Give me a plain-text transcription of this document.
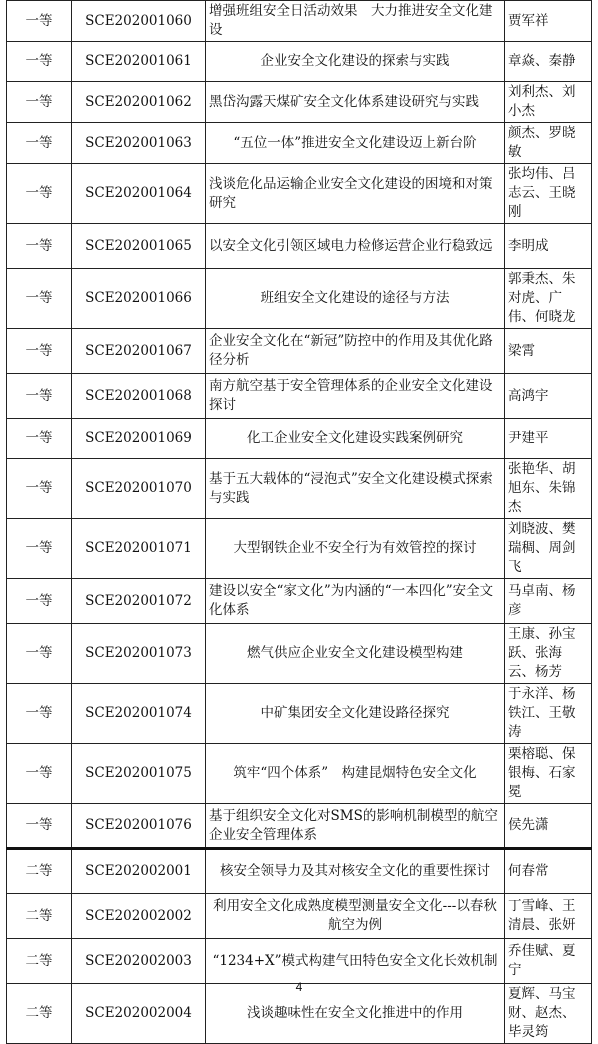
一等	SCE202001060	增强班组安全日活动效果　大力推进安全文化建设	贾军祥
一等	SCE202001061	企业安全文化建设的探索与实践	章焱、秦静
一等	SCE202001062	黑岱沟露天煤矿安全文化体系建设研究与实践	刘利杰、刘小杰
一等	SCE202001063	“五位一体”推进安全文化建设迈上新台阶	颜杰、罗晓敏
一等	SCE202001064	浅谈危化品运输企业安全文化建设的困境和对策研究	张均伟、吕志云、王晓刚
一等	SCE202001065	以安全文化引领区域电力检修运营企业行稳致远	李明成
一等	SCE202001066	班组安全文化建设的途径与方法	郭秉杰、朱对虎、广伟、何晓龙
一等	SCE202001067	企业安全文化在“新冠”防控中的作用及其优化路径分析	梁霄
一等	SCE202001068	南方航空基于安全管理体系的企业安全文化建设探讨	高鸿宇
一等	SCE202001069	化工企业安全文化建设实践案例研究	尹建平
一等	SCE202001070	基于五大载体的“浸泡式”安全文化建设模式探索与实践	张艳华、胡旭东、朱锦杰
一等	SCE202001071	大型钢铁企业不安全行为有效管控的探讨	刘晓波、樊瑞稠、周剑飞
一等	SCE202001072	建设以安全“家文化”为内涵的“一本四化”安全文化体系	马卓南、杨彦
一等	SCE202001073	燃气供应企业安全文化建设模型构建	王康、孙宝跃、张海云、杨芳
一等	SCE202001074	中矿集团安全文化建设路径探究	于永洋、杨铁江、王敬涛
一等	SCE202001075	筑牢“四个体系”　构建昆烟特色安全文化	栗榕聪、保银梅、石家冕
一等	SCE202001076	基于组织安全文化对SMS的影响机制模型的航空企业安全管理体系	侯先潇
二等	SCE202002001	核安全领导力及其对核安全文化的重要性探讨	何春常
二等	SCE202002002	利用安全文化成熟度模型测量安全文化---以春秋航空为例	丁雪峰、王清晨、张妍
二等	SCE202002003	“1234+X”模式构建气田特色安全文化长效机制	乔佳赋、夏宁
二等	SCE202002004	浅谈趣味性在安全文化推进中的作用	夏辉、马宝财、赵杰、毕灵筠
4
